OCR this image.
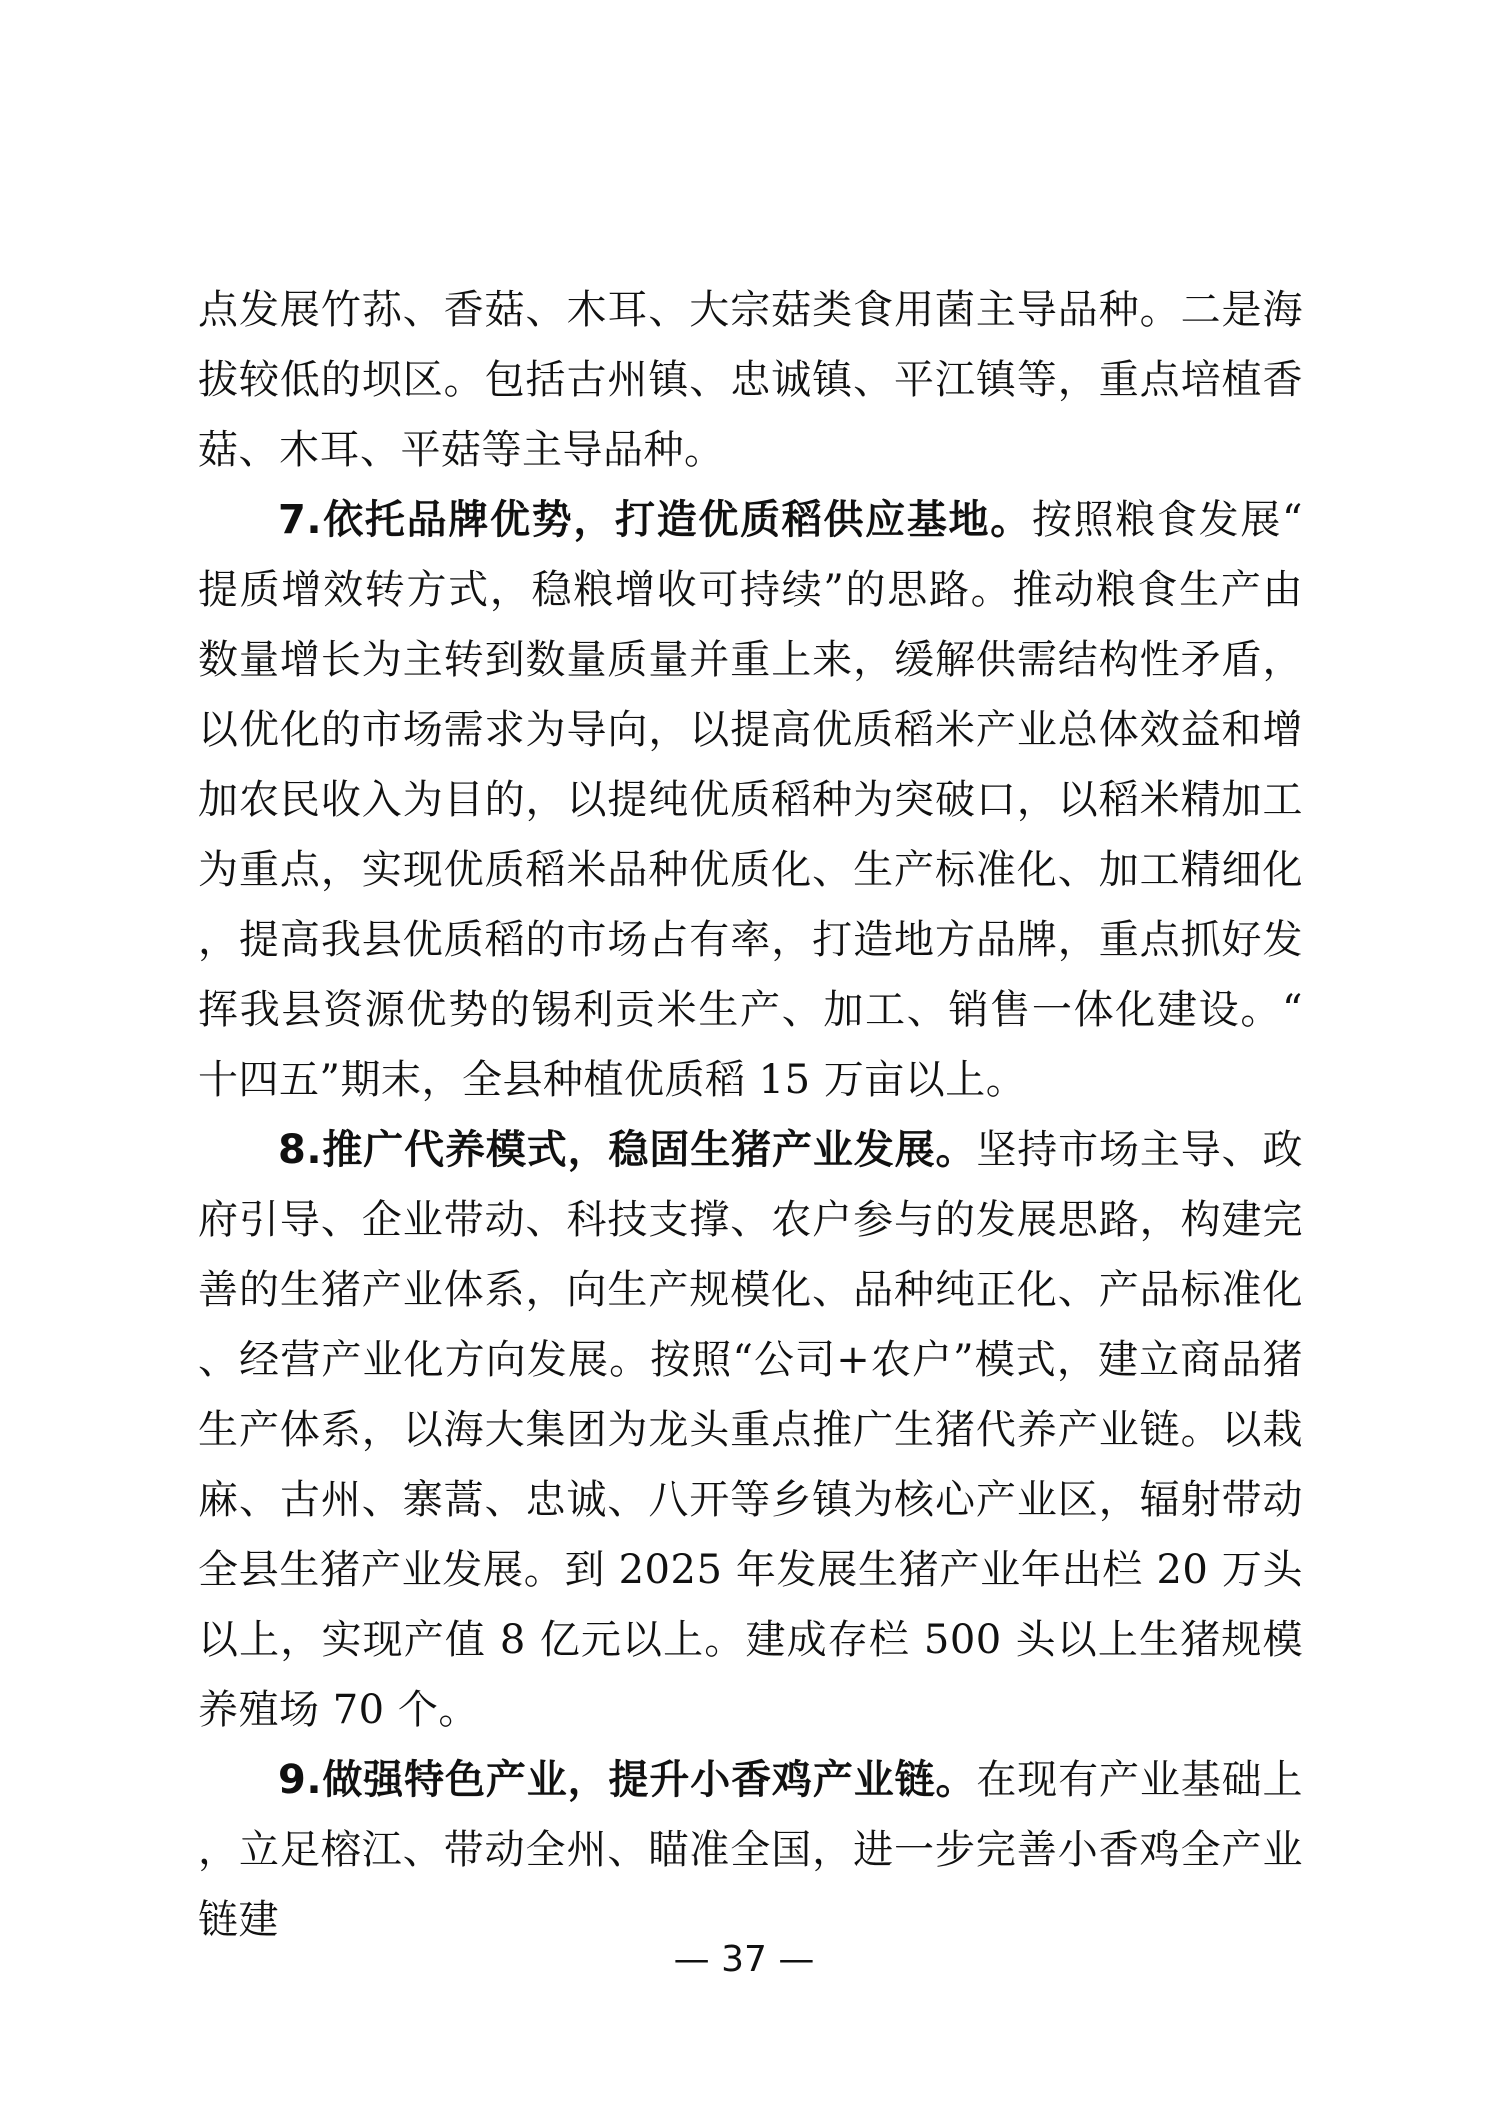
点发展竹荪、香菇、木耳、大宗菇类食用菌主导品种。二是海拔较低的坝区。包括古州镇、忠诚镇、平江镇等，重点培植香菇、木耳、平菇等主导品种。

7.依托品牌优势，打造优质稻供应基地。按照粮食发展“提质增效转方式，稳粮增收可持续”的思路。推动粮食生产由数量增长为主转到数量质量并重上来，缓解供需结构性矛盾，以优化的市场需求为导向，以提高优质稻米产业总体效益和增加农民收入为目的，以提纯优质稻种为突破口，以稻米精加工为重点，实现优质稻米品种优质化、生产标准化、加工精细化，提高我县优质稻的市场占有率，打造地方品牌，重点抓好发挥我县资源优势的锡利贡米生产、加工、销售一体化建设。“十四五”期末，全县种植优质稻 15 万亩以上。

8.推广代养模式，稳固生猪产业发展。坚持市场主导、政府引导、企业带动、科技支撑、农户参与的发展思路，构建完善的生猪产业体系，向生产规模化、品种纯正化、产品标准化、经营产业化方向发展。按照“公司+农户”模式，建立商品猪生产体系，以海大集团为龙头重点推广生猪代养产业链。以栽麻、古州、寨蒿、忠诚、八开等乡镇为核心产业区，辐射带动全县生猪产业发展。到 2025 年发展生猪产业年出栏 20 万头以上，实现产值 8 亿元以上。建成存栏 500 头以上生猪规模养殖场 70 个。

9.做强特色产业，提升小香鸡产业链。在现有产业基础上，立足榕江、带动全州、瞄准全国，进一步完善小香鸡全产业链建

— 37 —
